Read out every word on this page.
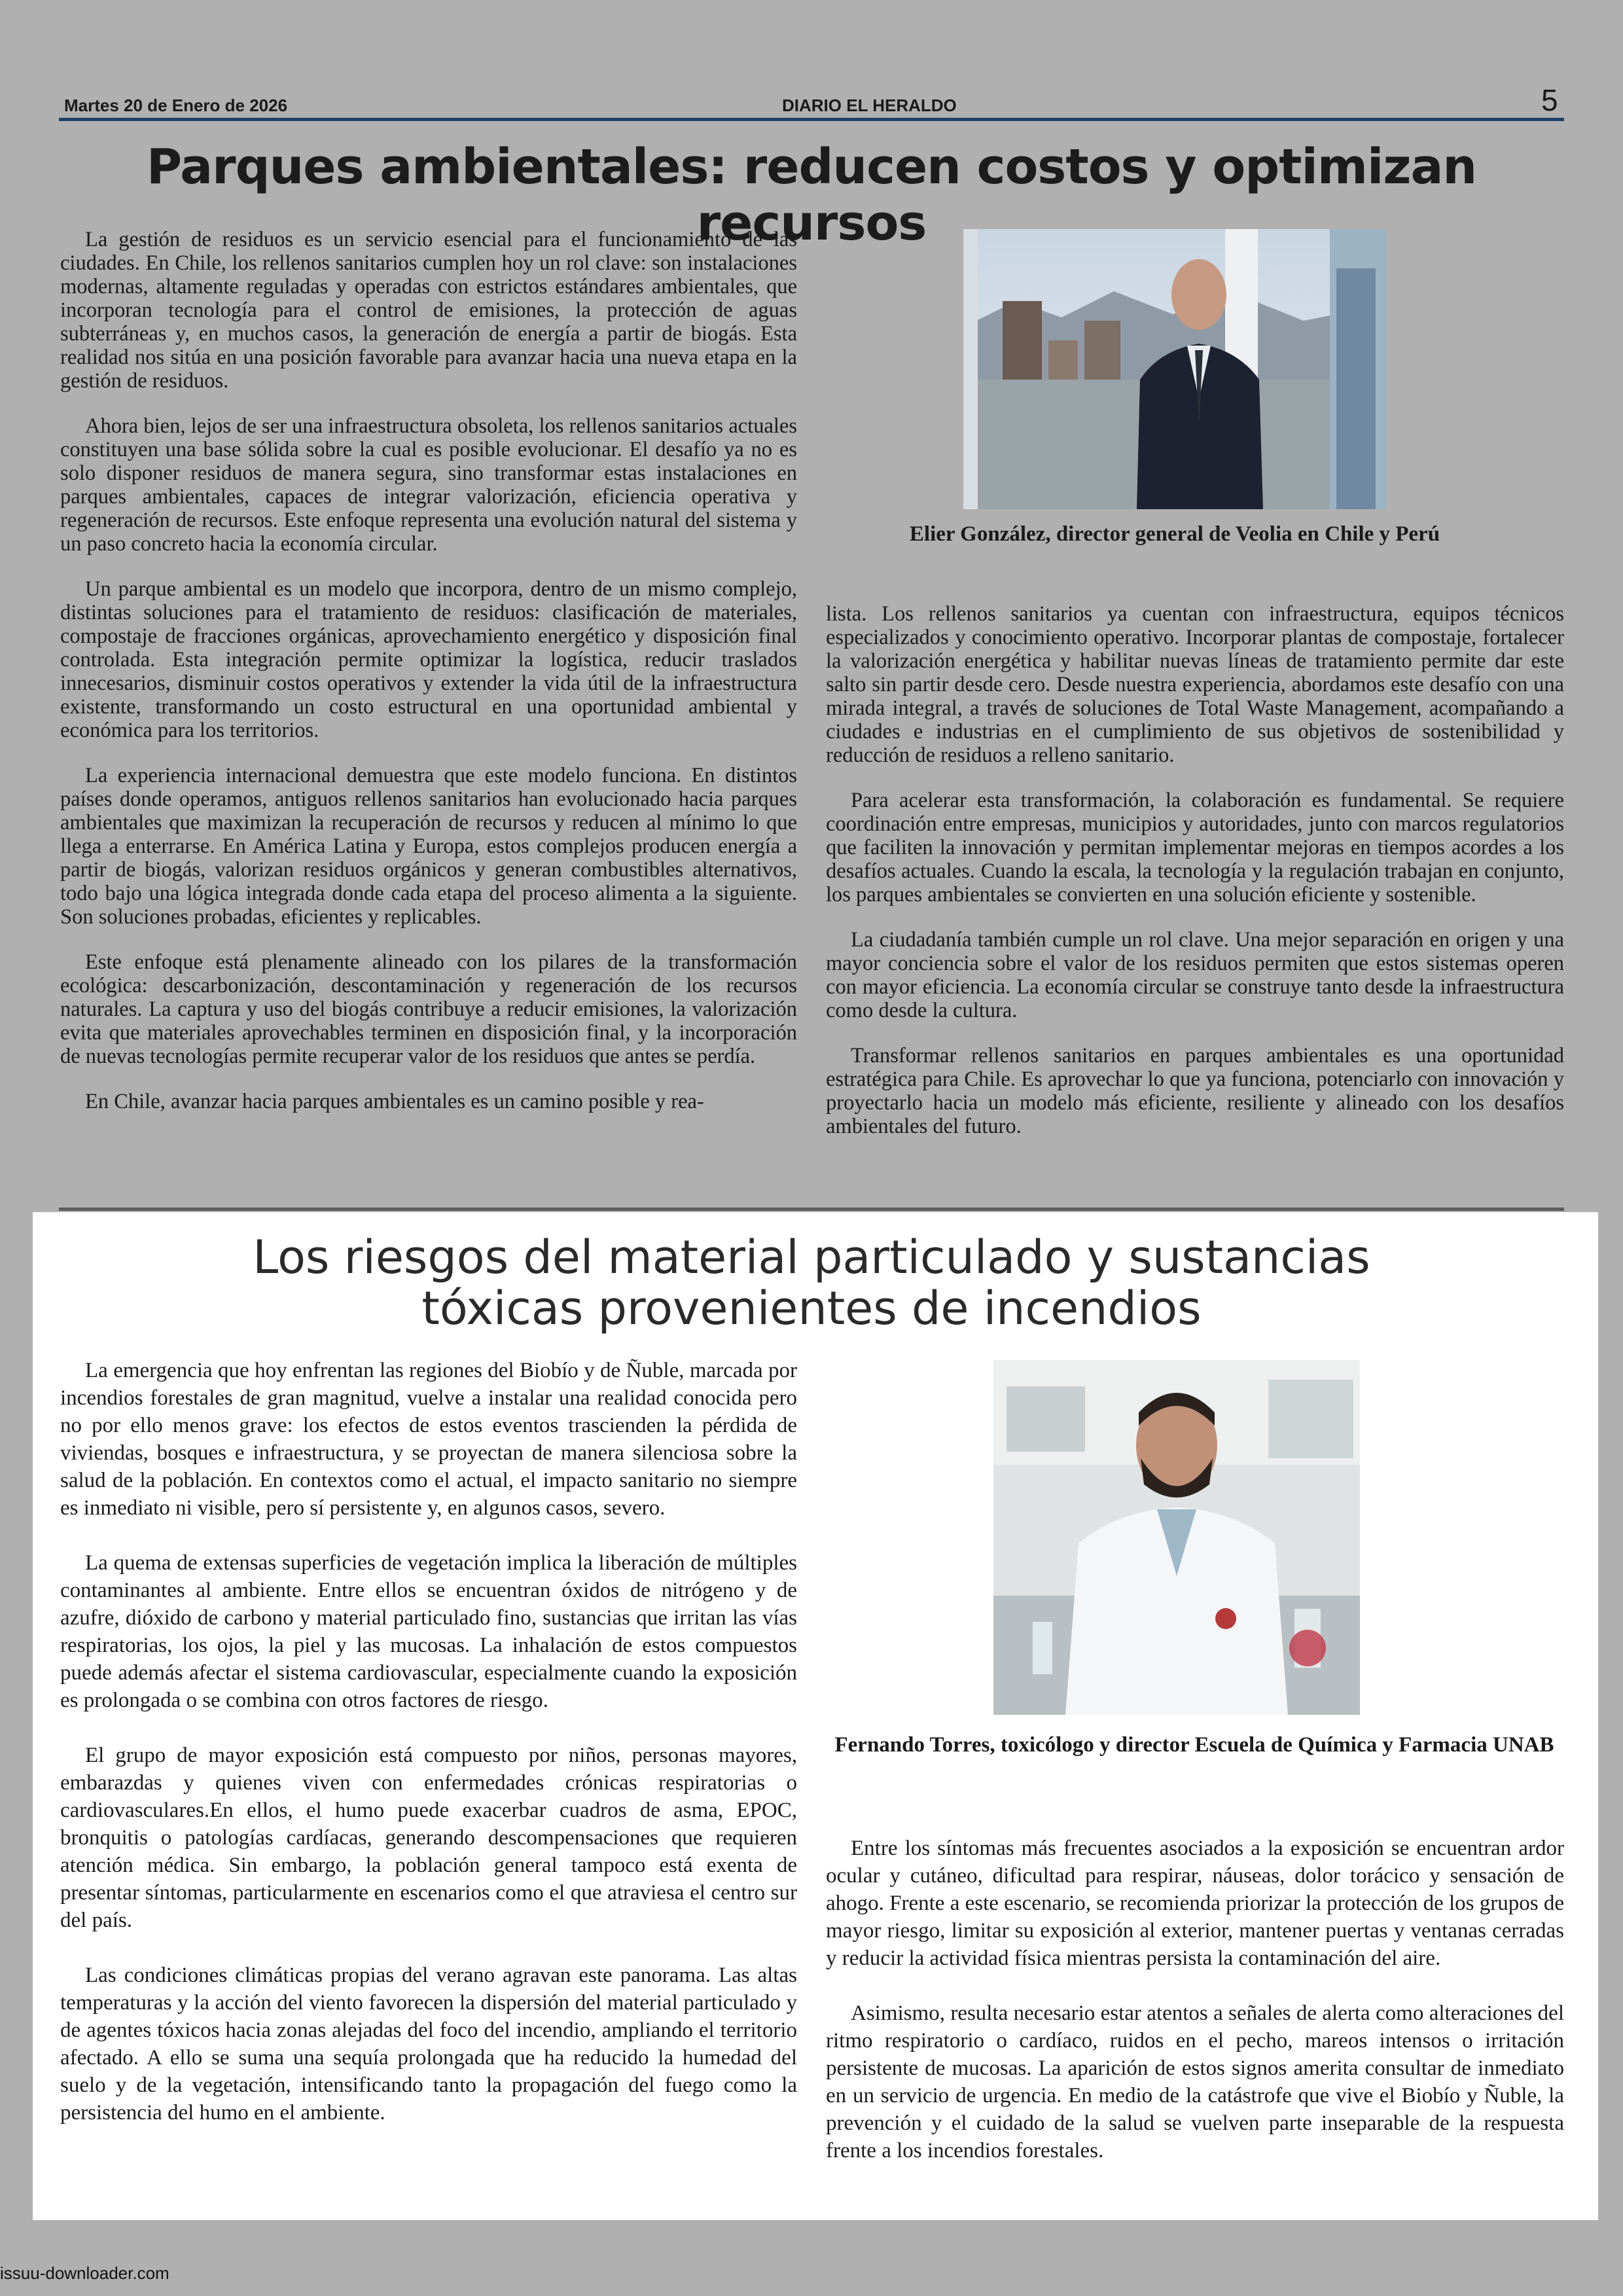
Martes 20 de Enero de 2026	DIARIO EL HERALDO	5
Parques ambientales: reducen costos y optimizan recursos

La gestión de residuos es un servicio esencial para el funcionamiento de las ciudades. En Chile, los rellenos sanitarios cumplen hoy un rol clave: son instalaciones modernas, altamente reguladas y operadas con estrictos estándares ambientales, que incorporan tecnología para el control de emisiones, la protección de aguas subterráneas y, en muchos casos, la generación de energía a partir de biogás. Esta realidad nos sitúa en una posición favorable para avanzar hacia una nueva etapa en la gestión de residuos.

Ahora bien, lejos de ser una infraestructura obsoleta, los rellenos sanitarios actuales constituyen una base sólida sobre la cual es posible evolucionar. El desafío ya no es solo disponer residuos de manera segura, sino transformar estas instalaciones en parques ambientales, capaces de integrar valorización, eficiencia operativa y regeneración de recursos. Este enfoque representa una evolución natural del sistema y un paso concreto hacia la economía circular.

Un parque ambiental es un modelo que incorpora, dentro de un mismo complejo, distintas soluciones para el tratamiento de residuos: clasificación de materiales, compostaje de fracciones orgánicas, aprovechamiento energético y disposición final controlada. Esta integración permite optimizar la logística, reducir traslados innecesarios, disminuir costos operativos y extender la vida útil de la infraestructura existente, transformando un costo estructural en una oportunidad ambiental y económica para los territorios.

La experiencia internacional demuestra que este modelo funciona. En distintos países donde operamos, antiguos rellenos sanitarios han evolucionado hacia parques ambientales que maximizan la recuperación de recursos y reducen al mínimo lo que llega a enterrarse. En América Latina y Europa, estos complejos producen energía a partir de biogás, valorizan residuos orgánicos y generan combustibles alternativos, todo bajo una lógica integrada donde cada etapa del proceso alimenta a la siguiente. Son soluciones probadas, eficientes y replicables.

Este enfoque está plenamente alineado con los pilares de la transformación ecológica: descarbonización, descontaminación y regeneración de los recursos naturales. La captura y uso del biogás contribuye a reducir emisiones, la valorización evita que materiales aprovechables terminen en disposición final, y la incorporación de nuevas tecnologías permite recuperar valor de los residuos que antes se perdía.

En Chile, avanzar hacia parques ambientales es un camino posible y rea-

Elier González, director general de Veolia en Chile y Perú

lista. Los rellenos sanitarios ya cuentan con infraestructura, equipos técnicos especializados y conocimiento operativo. Incorporar plantas de compostaje, fortalecer la valorización energética y habilitar nuevas líneas de tratamiento permite dar este salto sin partir desde cero. Desde nuestra experiencia, abordamos este desafío con una mirada integral, a través de soluciones de Total Waste Management, acompañando a ciudades e industrias en el cumplimiento de sus objetivos de sostenibilidad y reducción de residuos a relleno sanitario.

Para acelerar esta transformación, la colaboración es fundamental. Se requiere coordinación entre empresas, municipios y autoridades, junto con marcos regulatorios que faciliten la innovación y permitan implementar mejoras en tiempos acordes a los desafíos actuales. Cuando la escala, la tecnología y la regulación trabajan en conjunto, los parques ambientales se convierten en una solución eficiente y sostenible.

La ciudadanía también cumple un rol clave. Una mejor separación en origen y una mayor conciencia sobre el valor de los residuos permiten que estos sistemas operen con mayor eficiencia. La economía circular se construye tanto desde la infraestructura como desde la cultura.

Transformar rellenos sanitarios en parques ambientales es una oportunidad estratégica para Chile. Es aprovechar lo que ya funciona, potenciarlo con innovación y proyectarlo hacia un modelo más eficiente, resiliente y alineado con los desafíos ambientales del futuro.

Los riesgos del material particulado y sustancias
tóxicas provenientes de incendios

La emergencia que hoy enfrentan las regiones del Biobío y de Ñuble, marcada por incendios forestales de gran magnitud, vuelve a instalar una realidad conocida pero no por ello menos grave: los efectos de estos eventos trascienden la pérdida de viviendas, bosques e infraestructura, y se proyectan de manera silenciosa sobre la salud de la población. En contextos como el actual, el impacto sanitario no siempre es inmediato ni visible, pero sí persistente y, en algunos casos, severo.

La quema de extensas superficies de vegetación implica la liberación de múltiples contaminantes al ambiente. Entre ellos se encuentran óxidos de nitrógeno y de azufre, dióxido de carbono y material particulado fino, sustancias que irritan las vías respiratorias, los ojos, la piel y las mucosas. La inhalación de estos compuestos puede además afectar el sistema cardiovascular, especialmente cuando la exposición es prolongada o se combina con otros factores de riesgo.

El grupo de mayor exposición está compuesto por niños, personas mayores, embarazdas y quienes viven con enfermedades crónicas respiratorias o cardiovasculares.En ellos, el humo puede exacerbar cuadros de asma, EPOC, bronquitis o patologías cardíacas, generando descompensaciones que requieren atención médica. Sin embargo, la población general tampoco está exenta de presentar síntomas, particularmente en escenarios como el que atraviesa el centro sur del país.

Las condiciones climáticas propias del verano agravan este panorama. Las altas temperaturas y la acción del viento favorecen la dispersión del material particulado y de agentes tóxicos hacia zonas alejadas del foco del incendio, ampliando el territorio afectado. A ello se suma una sequía prolongada que ha reducido la humedad del suelo y de la vegetación, intensificando tanto la propagación del fuego como la persistencia del humo en el ambiente.

Fernando Torres, toxicólogo y director Escuela de Química y Farmacia UNAB

Entre los síntomas más frecuentes asociados a la exposición se encuentran ardor ocular y cutáneo, dificultad para respirar, náuseas, dolor torácico y sensación de ahogo. Frente a este escenario, se recomienda priorizar la protección de los grupos de mayor riesgo, limitar su exposición al exterior, mantener puertas y ventanas cerradas y reducir la actividad física mientras persista la contaminación del aire.

Asimismo, resulta necesario estar atentos a señales de alerta como alteraciones del ritmo respiratorio o cardíaco, ruidos en el pecho, mareos intensos o irritación persistente de mucosas. La aparición de estos signos amerita consultar de inmediato en un servicio de urgencia. En medio de la catástrofe que vive el Biobío y Ñuble, la prevención y el cuidado de la salud se vuelven parte inseparable de la respuesta frente a los incendios forestales.

issuu-downloader.com
